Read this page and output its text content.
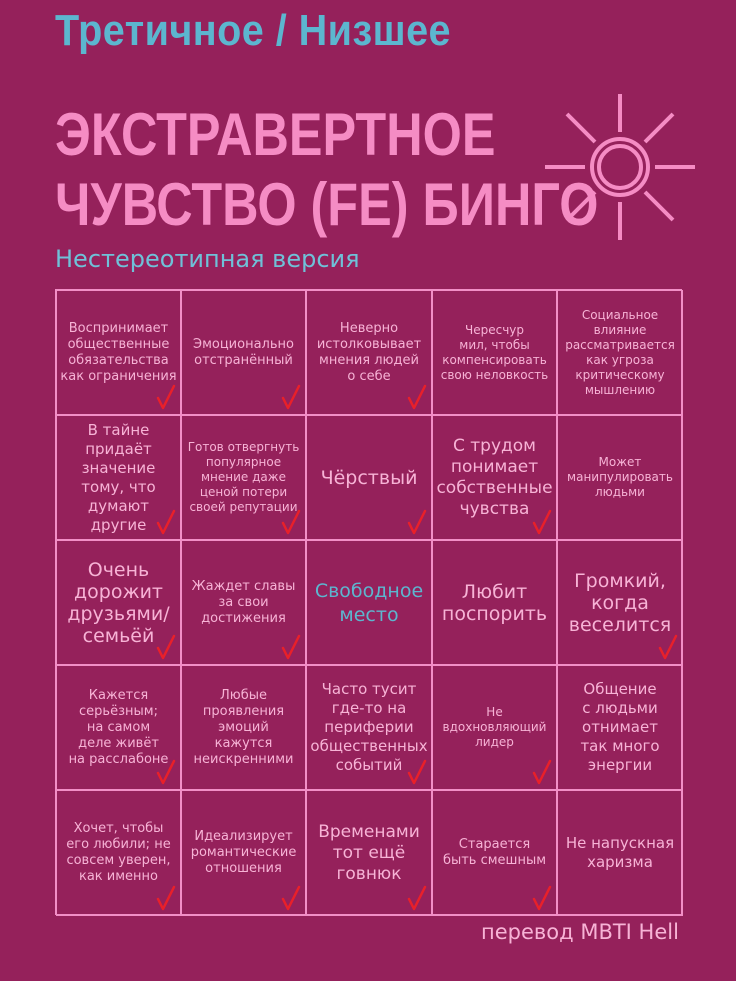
Третичное / Низшее
ЭКСТРАВЕРТНОЕ
ЧУВСТВО (FE) БИНГО
Нестереотипная версия
Воспринимает
общественные
обязательства
как ограничения
Эмоционально
отстранённый
Неверно
истолковывает
мнения людей
о себе
Чересчур
мил, чтобы
компенсировать
свою неловкость
Социальное
влияние
рассматривается
как угроза
критическому
мышлению
В тайне
придаёт
значение
тому, что
думают
другие
Готов отвергнуть
популярное
мнение даже
ценой потери
своей репутации
Чёрствый
С трудом
понимает
собственные
чувства
Может
манипулировать
людьми
Очень
дорожит
друзьями/
семьёй
Жаждет славы
за свои
достижения
Свободное
место
Любит
поспорить
Громкий,
когда
веселится
Кажется
серьёзным;
на самом
деле живёт
на расслабоне
Любые
проявления
эмоций
кажутся
неискренними
Часто тусит
где-то на
периферии
общественных
событий
Не
вдохновляющий
лидер
Общение
с людьми
отнимает
так много
энергии
Хочет, чтобы
его любили; не
совсем уверен,
как именно
Идеализирует
романтические
отношения
Временами
тот ещё
говнюк
Старается
быть смешным
Не напускная
харизма
перевод MBTI Hell
